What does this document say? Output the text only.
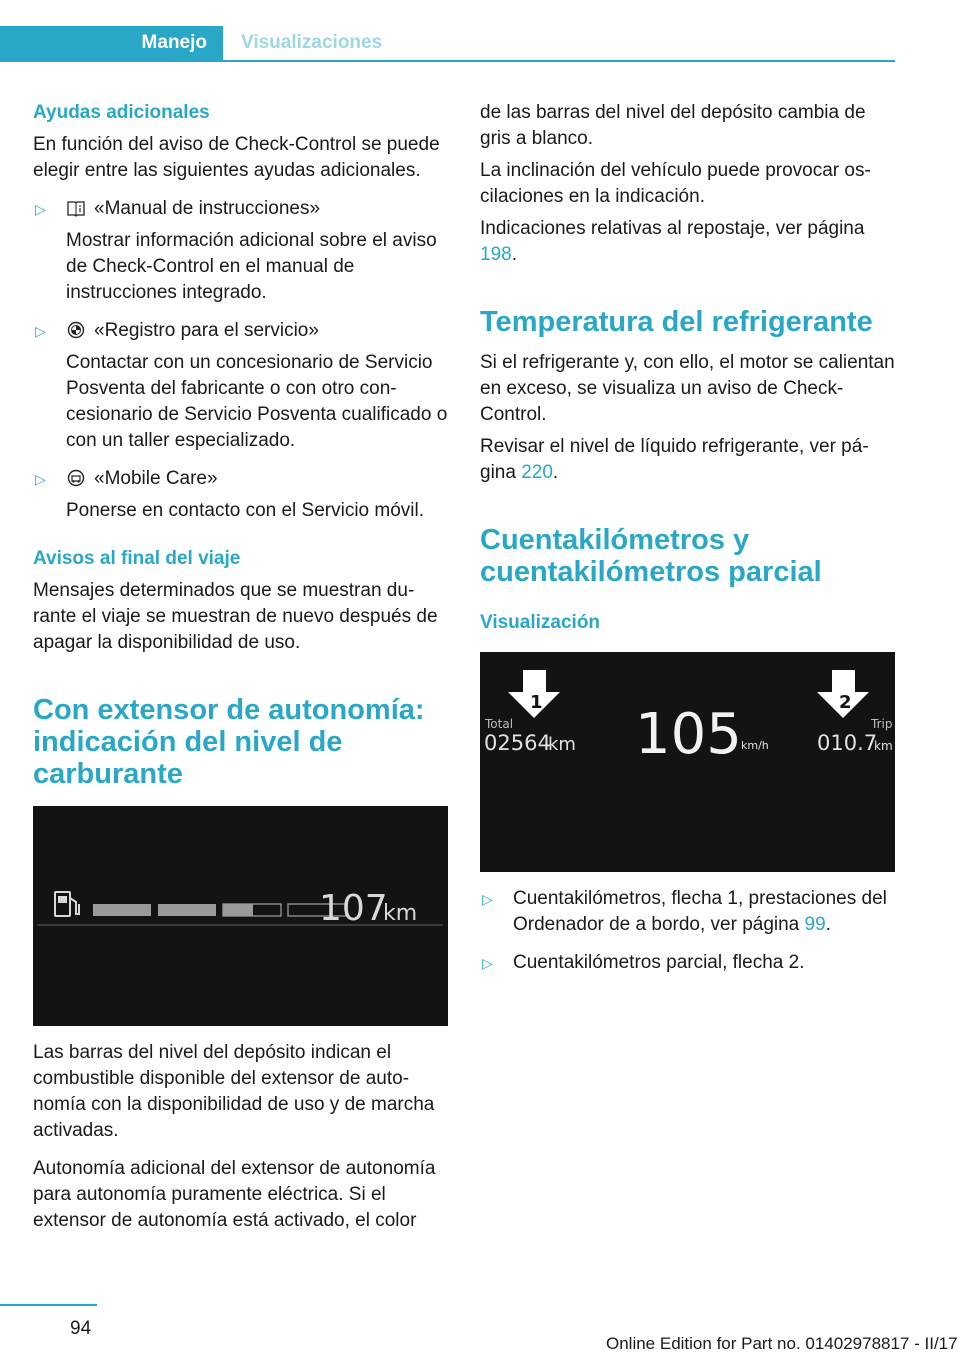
Manejo	Visualizaciones

Ayudas adicionales

En función del aviso de Check-Control se puede elegir entre las siguientes ayudas adicionales.

▷	«Manual de instrucciones»

Mostrar información adicional sobre el aviso de Check-Control en el manual de instrucciones integrado.

▷	«Registro para el servicio»

Contactar con un concesionario de Servicio Posventa del fabricante o con otro concesionario de Servicio Posventa cualificado o con un taller especializado.

▷	«Mobile Care»

Ponerse en contacto con el Servicio móvil.

Avisos al final del viaje

Mensajes determinados que se muestran durante el viaje se muestran de nuevo después de apagar la disponibilidad de uso.

Con extensor de autonomía: indicación del nivel de carburante

107
km

Las barras del nivel del depósito indican el combustible disponible del extensor de autonomía con la disponibilidad de uso y de marcha activadas.

Autonomía adicional del extensor de autonomía para autonomía puramente eléctrica. Si el extensor de autonomía está activado, el color

de las barras del nivel del depósito cambia de gris a blanco.

La inclinación del vehículo puede provocar oscilaciones en la indicación.

Indicaciones relativas al repostaje, ver página 198.

Temperatura del refrigerante

Si el refrigerante y, con ello, el motor se calientan en exceso, se visualiza un aviso de Check-Control.

Revisar el nivel de líquido refrigerante, ver página 220.

Cuentakilómetros y cuentakilómetros parcial

Visualización

1	2
Total
02564
km 105 km/h
Trip
010.7
km
▷ Cuentakilómetros, flecha 1, prestaciones del Ordenador de a bordo, ver página 99.
▷ Cuentakilómetros parcial, flecha 2.
94
Online Edition for Part no. 01402978817 - II/17
